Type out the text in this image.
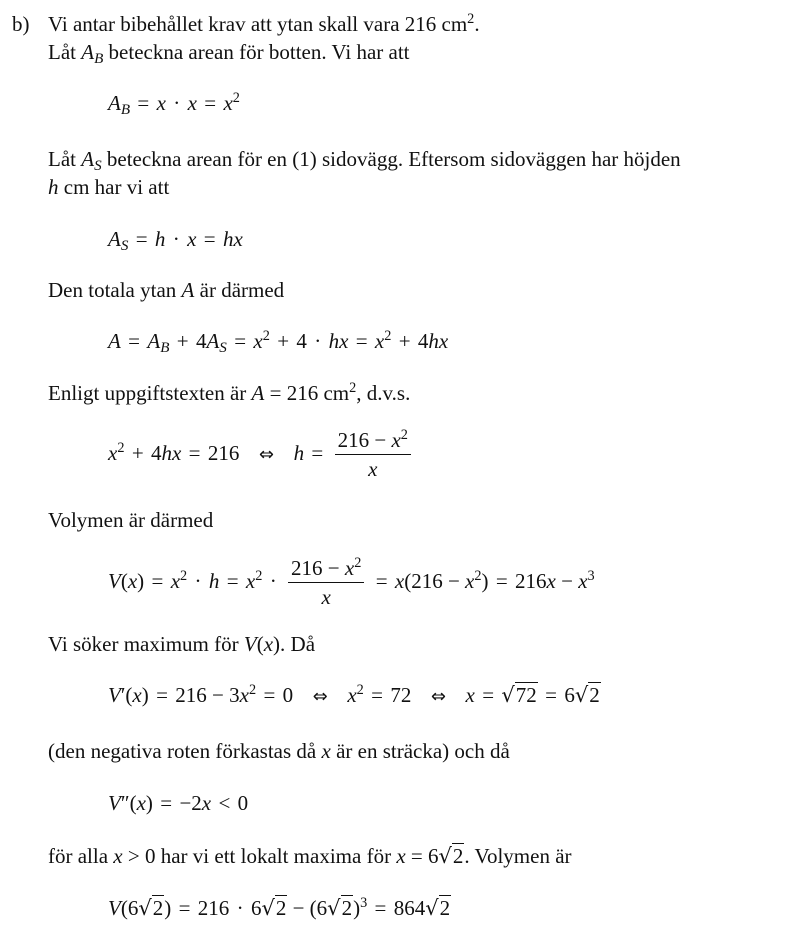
b) Vi antar bibehållet krav att ytan skall vara 216 $cm^2$.
Låt $A_B$ beteckna arean för botten. Vi har att
$A_B = x \cdot x = x^2$
Låt $A_S$ beteckna arean för en (1) sidovägg. Eftersom sidoväggen har höjden
h cm har vi att
$A_S = h \cdot x$ = hx
Den totala ytan A är därmed
$A = A_B + 4A_S = x^2 + 4$ · hx = $x^2 + 4hx$
Enligt uppgiftstexten är A = 216 $cm^2$, d.v.s.
$x^2 + 4hx = 216$ ⇔ $h = \frac{216 - x^2}{x}$
Volymen är därmed
$V(x) = x^2 \cdot h = x^2 \cdot \frac{216 - x^2}{x} = x(216 - x^2) = 216x - x^3$
Vi söker maximum för V(x). Då
$V'(x) = 216 - 3x^2 = 0$ ⇔ $x^2 = 72$ ⇔ x = √72 = 6√2
(den negativa roten förkastas då x är en sträcka) och då
V″(x) = −2x < 0
för alla x > 0 har vi ett lokalt maxima för x = 6√2. Volymen är
$V(6√2) = 216 \cdot 6√2 - (6√2)^3 = 864√2$
